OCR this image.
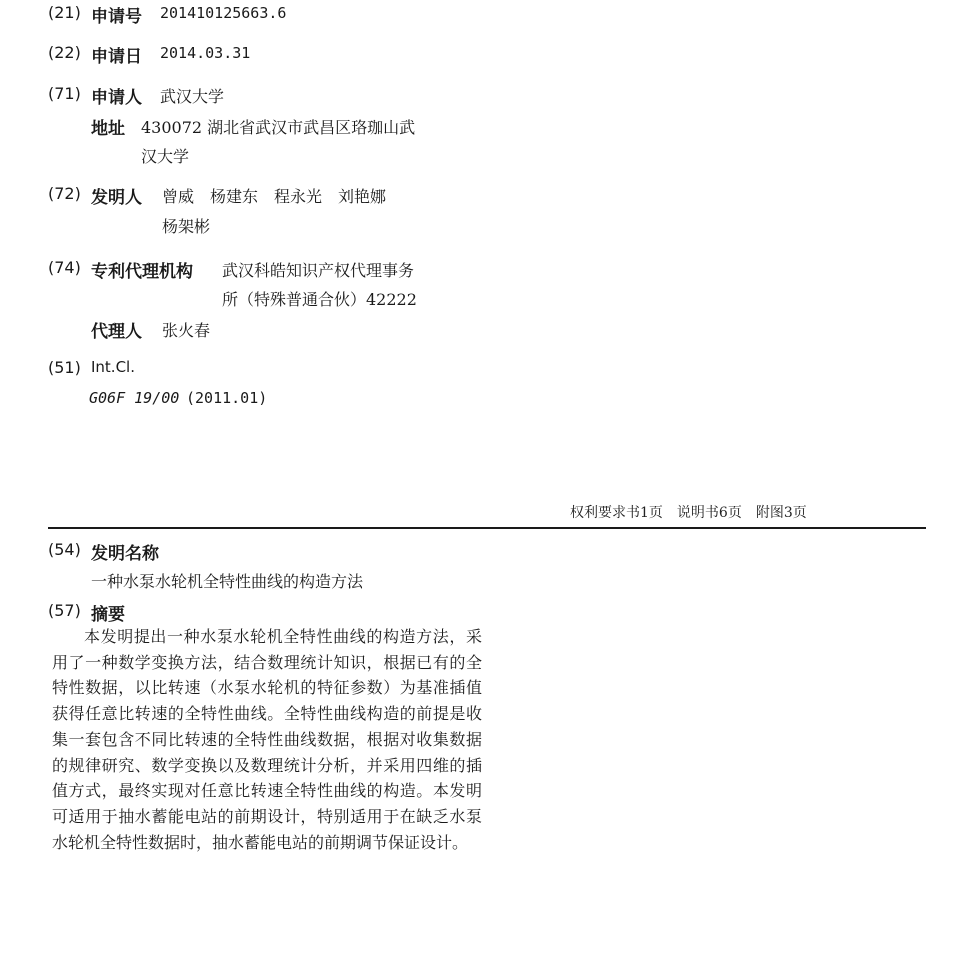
(21) 申请号 201410125663.6
(22) 申请日 2014.03.31
(71) 申请人 武汉大学
地址 430072 湖北省武汉市武昌区珞珈山武
汉大学
(72) 发明人 曾威　杨建东　程永光　刘艳娜
杨架彬
(74) 专利代理机构 武汉科皓知识产权代理事务
所（特殊普通合伙）42222
代理人 张火春
(51) Int.Cl.
G06F 19/00 (2011.01)
权利要求书1页　说明书6页　附图3页
(54) 发明名称
一种水泵水轮机全特性曲线的构造方法
(57) 摘要

本发明提出一种水泵水轮机全特性曲线的构造方法，采用了一种数学变换方法，结合数理统计知识，根据已有的全特性数据，以比转速（水泵水轮机的特征参数）为基准插值获得任意比转速的全特性曲线。全特性曲线构造的前提是收集一套包含不同比转速的全特性曲线数据，根据对收集数据的规律研究、数学变换以及数理统计分析，并采用四维的插值方式，最终实现对任意比转速全特性曲线的构造。本发明可适用于抽水蓄能电站的前期设计，特别适用于在缺乏水泵水轮机全特性数据时，抽水蓄能电站的前期调节保证设计。
